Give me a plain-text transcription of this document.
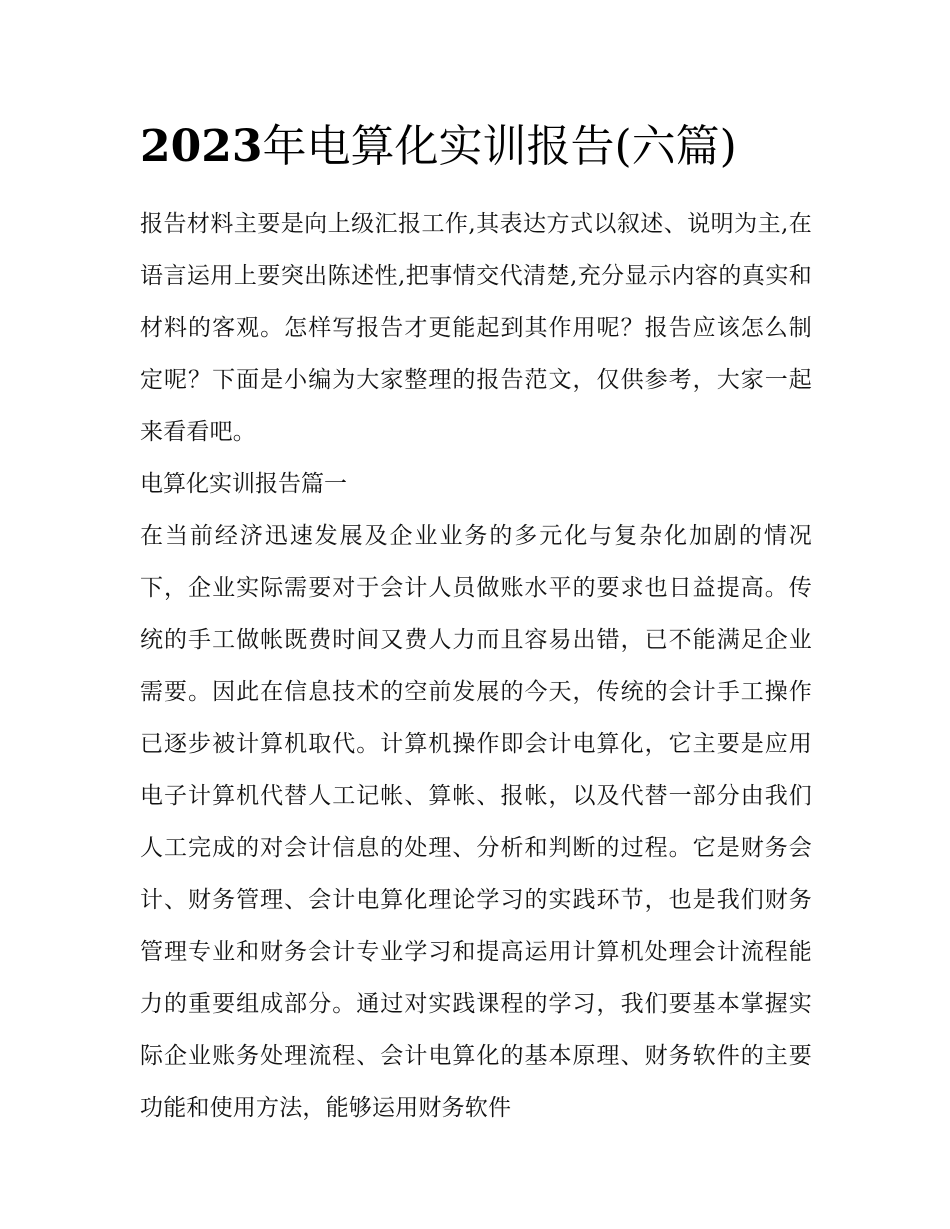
2023年电算化实训报告(六篇)

报告材料主要是向上级汇报工作,其表达方式以叙述、说明为主,在语言运用上要突出陈述性,把事情交代清楚,充分显示内容的真实和材料的客观。怎样写报告才更能起到其作用呢？报告应该怎么制定呢？下面是小编为大家整理的报告范文，仅供参考，大家一起来看看吧。

电算化实训报告篇一

在当前经济迅速发展及企业业务的多元化与复杂化加剧的情况下，企业实际需要对于会计人员做账水平的要求也日益提高。传统的手工做帐既费时间又费人力而且容易出错，已不能满足企业需要。因此在信息技术的空前发展的今天，传统的会计手工操作已逐步被计算机取代。计算机操作即会计电算化，它主要是应用电子计算机代替人工记帐、算帐、报帐，以及代替一部分由我们人工完成的对会计信息的处理、分析和判断的过程。它是财务会计、财务管理、会计电算化理论学习的实践环节，也是我们财务管理专业和财务会计专业学习和提高运用计算机处理会计流程能力的重要组成部分。通过对实践课程的学习，我们要基本掌握实际企业账务处理流程、会计电算化的基本原理、财务软件的主要功能和使用方法，能够运用财务软件
